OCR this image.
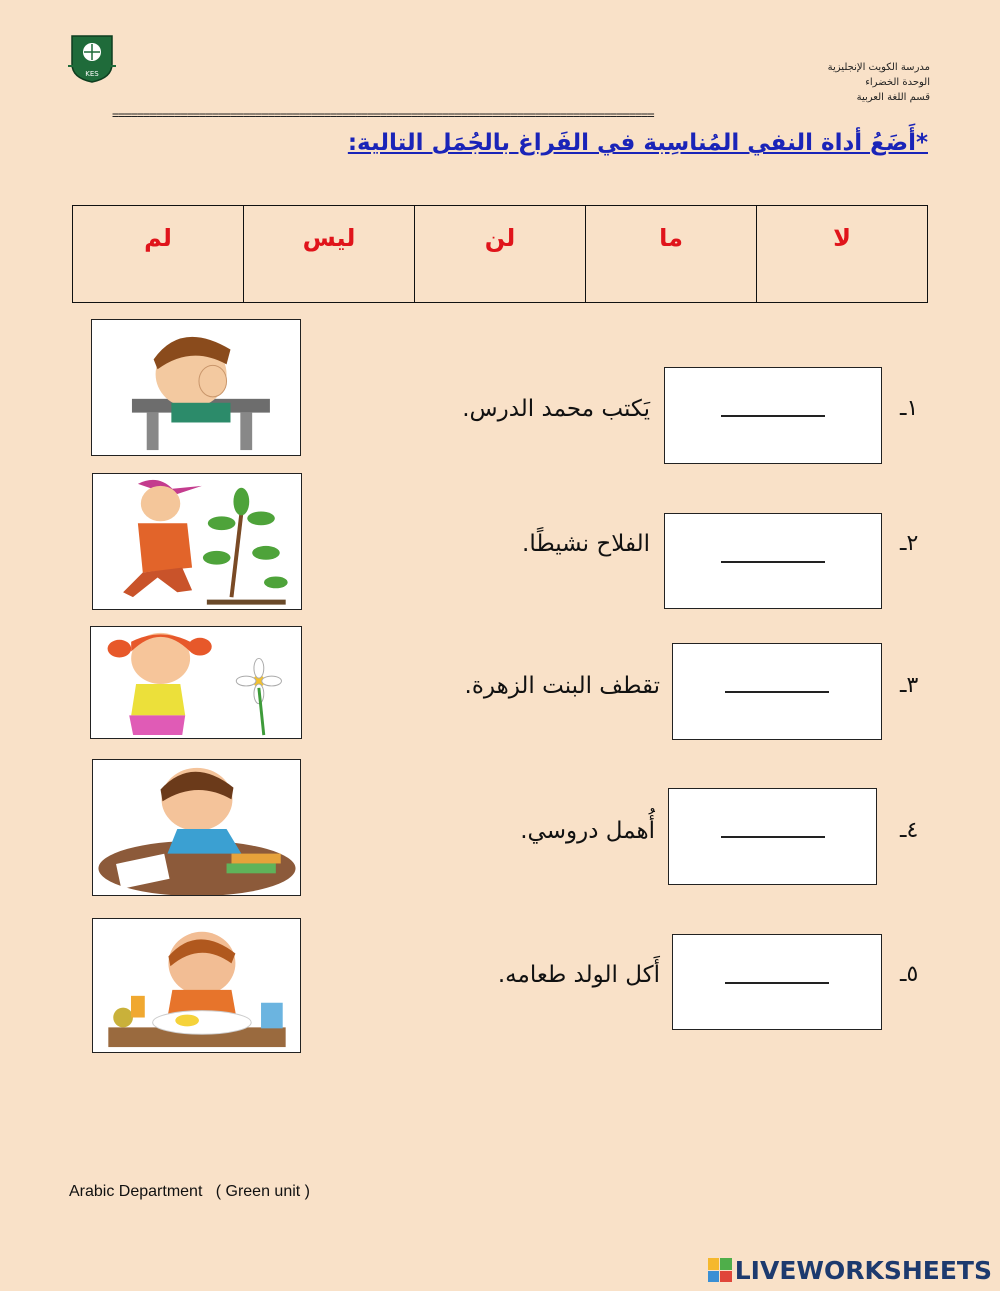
KES
مدرسة الكويت الإنجليزية
الوحدة الخضراء
قسم اللغة العربية
=======================================================================================
*أَضَعُ أداة النفي المُناسِبة في الفَراغ بالجُمَل التالية:
لا
ما
لن
ليس
لم
يَكتب محمد الدرس.	١ـ
الفلاح نشيطًا.	٢ـ
تقطف البنت الزهرة.	٣ـ
أُهمل دروسي.	٤ـ
أَكل الولد طعامه.	٥ـ
Arabic Department   ( Green unit )
LIVEWORKSHEETS
